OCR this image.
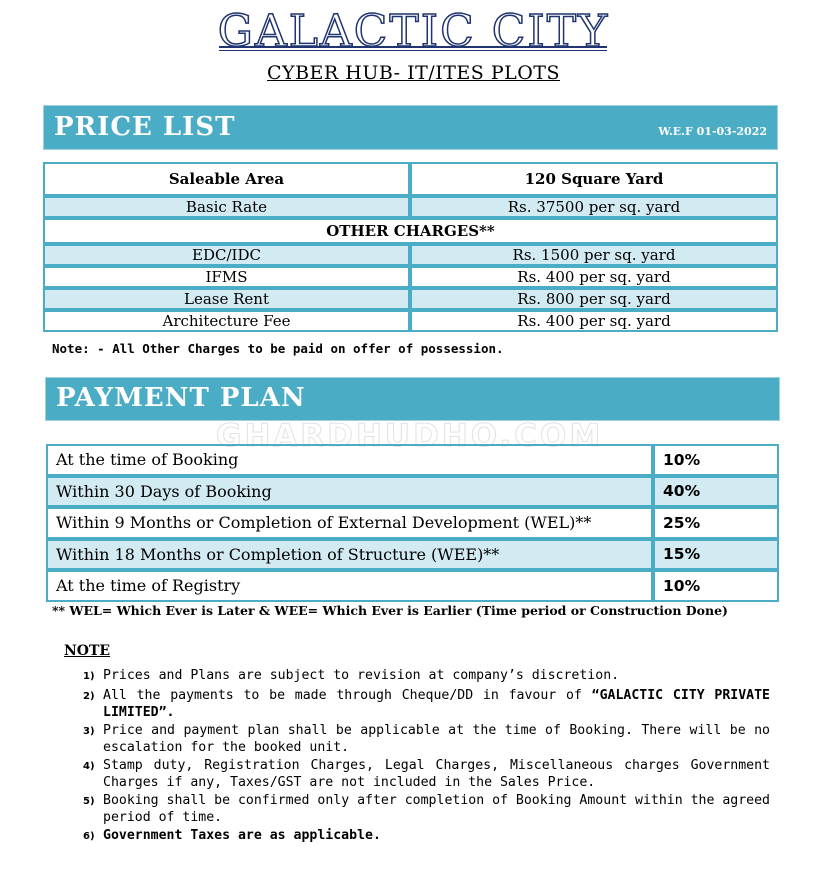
GALACTIC CITY
CYBER HUB- IT/ITES PLOTS
PRICE LIST	W.E.F 01-03-2022
Saleable Area	120 Square Yard
Basic Rate	Rs. 37500 per sq. yard
OTHER CHARGES**	
EDC/IDC	Rs. 1500 per sq. yard
IFMS	Rs. 400 per sq. yard
Lease Rent	Rs. 800 per sq. yard
Architecture Fee	Rs. 400 per sq. yard
Note: - All Other Charges to be paid on offer of possession.
PAYMENT PLAN
GHARDHUDHO.COM
At the time of Booking	10%
Within 30 Days of Booking	40%
Within 9 Months or Completion of External Development (WEL)**	25%
Within 18 Months or Completion of Structure (WEE)**	15%
At the time of Registry	10%
** WEL= Which Ever is Later & WEE= Which Ever is Earlier (Time period or Construction Done)
NOTE
1) Prices and Plans are subject to revision at company’s discretion.
2) All the payments to be made through Cheque/DD in favour of “GALACTIC CITY PRIVATE LIMITED”.
3) Price and payment plan shall be applicable at the time of Booking. There will be no escalation for the booked unit.
4) Stamp duty, Registration Charges, Legal Charges, Miscellaneous charges Government Charges if any, Taxes/GST are not included in the Sales Price.
5) Booking shall be confirmed only after completion of Booking Amount within the agreed period of time.
6) Government Taxes are as applicable.
